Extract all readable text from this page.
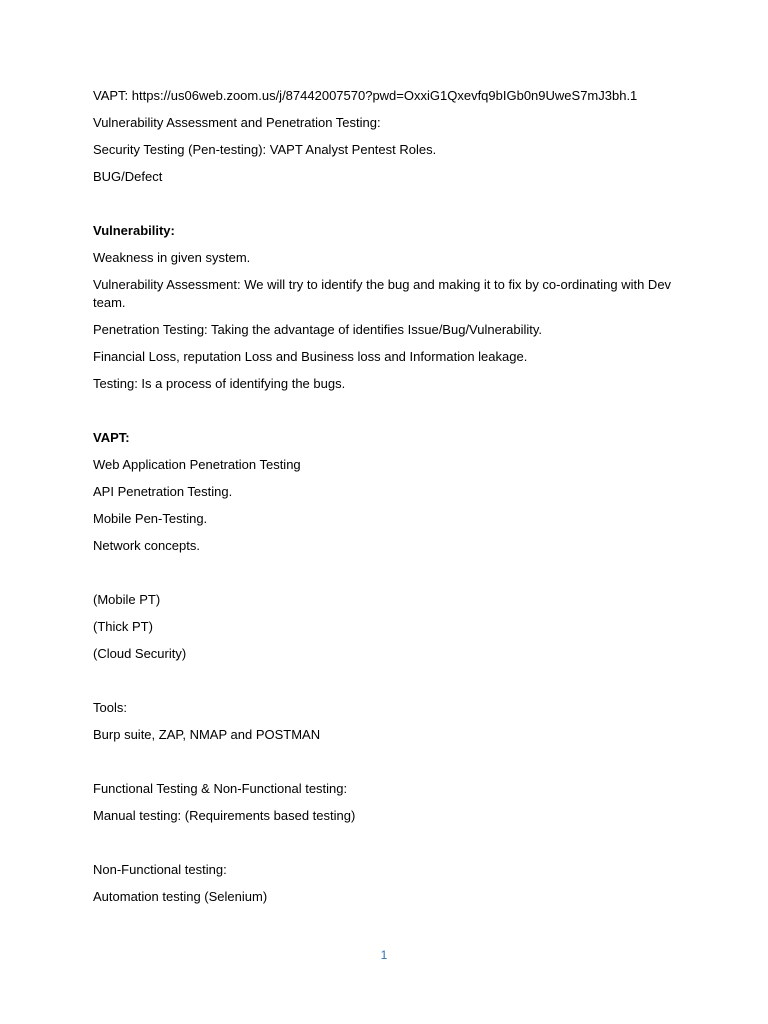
VAPT: https://us06web.zoom.us/j/87442007570?pwd=OxxiG1Qxevfq9bIGb0n9UweS7mJ3bh.1

Vulnerability Assessment and Penetration Testing:

Security Testing (Pen-testing): VAPT Analyst Pentest Roles.

BUG/Defect

Vulnerability:

Weakness in given system.

Vulnerability Assessment: We will try to identify the bug and making it to fix by co-ordinating with Dev team.

Penetration Testing: Taking the advantage of identifies Issue/Bug/Vulnerability.

Financial Loss, reputation Loss and Business loss and Information leakage.

Testing: Is a process of identifying the bugs.

VAPT:

Web Application Penetration Testing

API Penetration Testing.

Mobile Pen-Testing.

Network concepts.

(Mobile PT)

(Thick PT)

(Cloud Security)

Tools:

Burp suite, ZAP, NMAP and POSTMAN

Functional Testing & Non-Functional testing:

Manual testing: (Requirements based testing)

Non-Functional testing:

Automation testing (Selenium)

1
